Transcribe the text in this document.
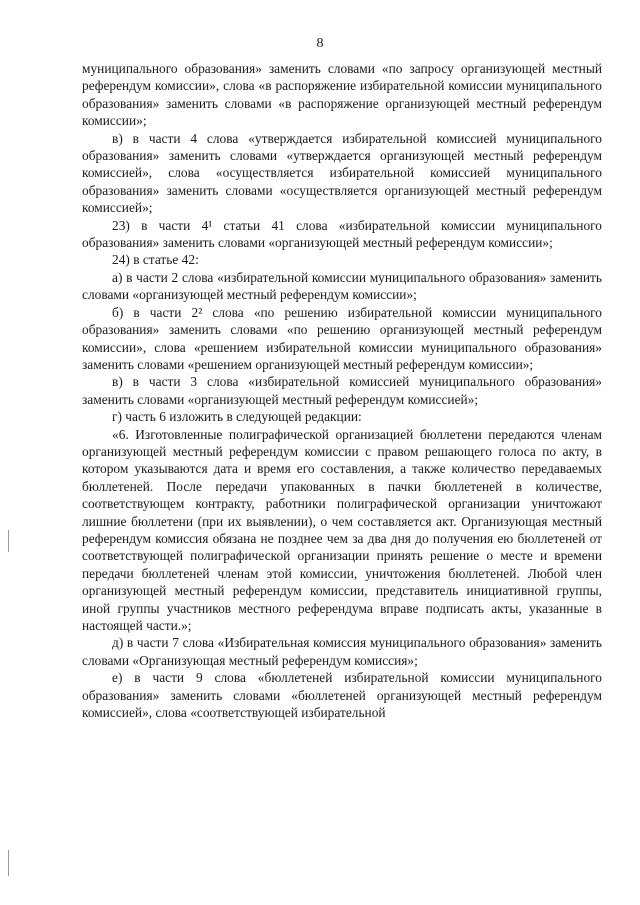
8

муниципального образования» заменить словами «по запросу организующей местный референдум комиссии», слова «в распоряжение избирательной комиссии муниципального образования» заменить словами «в распоряжение организующей местный референдум комиссии»;

в) в части 4 слова «утверждается избирательной комиссией муниципального образования» заменить словами «утверждается организующей местный референдум комиссией», слова «осуществляется избирательной комиссией муниципального образования» заменить словами «осуществляется организующей местный референдум комиссией»;

23) в части 4¹ статьи 41 слова «избирательной комиссии муниципального образования» заменить словами «организующей местный референдум комиссии»;

24) в статье 42:

а) в части 2 слова «избирательной комиссии муниципального образования» заменить словами «организующей местный референдум комиссии»;

б) в части 2² слова «по решению избирательной комиссии муниципального образования» заменить словами «по решению организующей местный референдум комиссии», слова «решением избирательной комиссии муниципального образования» заменить словами «решением организующей местный референдум комиссии»;

в) в части 3 слова «избирательной комиссией муниципального образования» заменить словами «организующей местный референдум комиссией»;

г) часть 6 изложить в следующей редакции:

«6. Изготовленные полиграфической организацией бюллетени передаются членам организующей местный референдум комиссии с правом решающего голоса по акту, в котором указываются дата и время его составления, а также количество передаваемых бюллетеней. После передачи упакованных в пачки бюллетеней в количестве, соответствующем контракту, работники полиграфической организации уничтожают лишние бюллетени (при их выявлении), о чем составляется акт. Организующая местный референдум комиссия обязана не позднее чем за два дня до получения ею бюллетеней от соответствующей полиграфической организации принять решение о месте и времени передачи бюллетеней членам этой комиссии, уничтожения бюллетеней. Любой член организующей местный референдум комиссии, представитель инициативной группы, иной группы участников местного референдума вправе подписать акты, указанные в настоящей части.»;

д) в части 7 слова «Избирательная комиссия муниципального образования» заменить словами «Организующая местный референдум комиссия»;

е) в части 9 слова «бюллетеней избирательной комиссии муниципального образования» заменить словами «бюллетеней организующей местный референдум комиссией», слова «соответствующей избирательной
